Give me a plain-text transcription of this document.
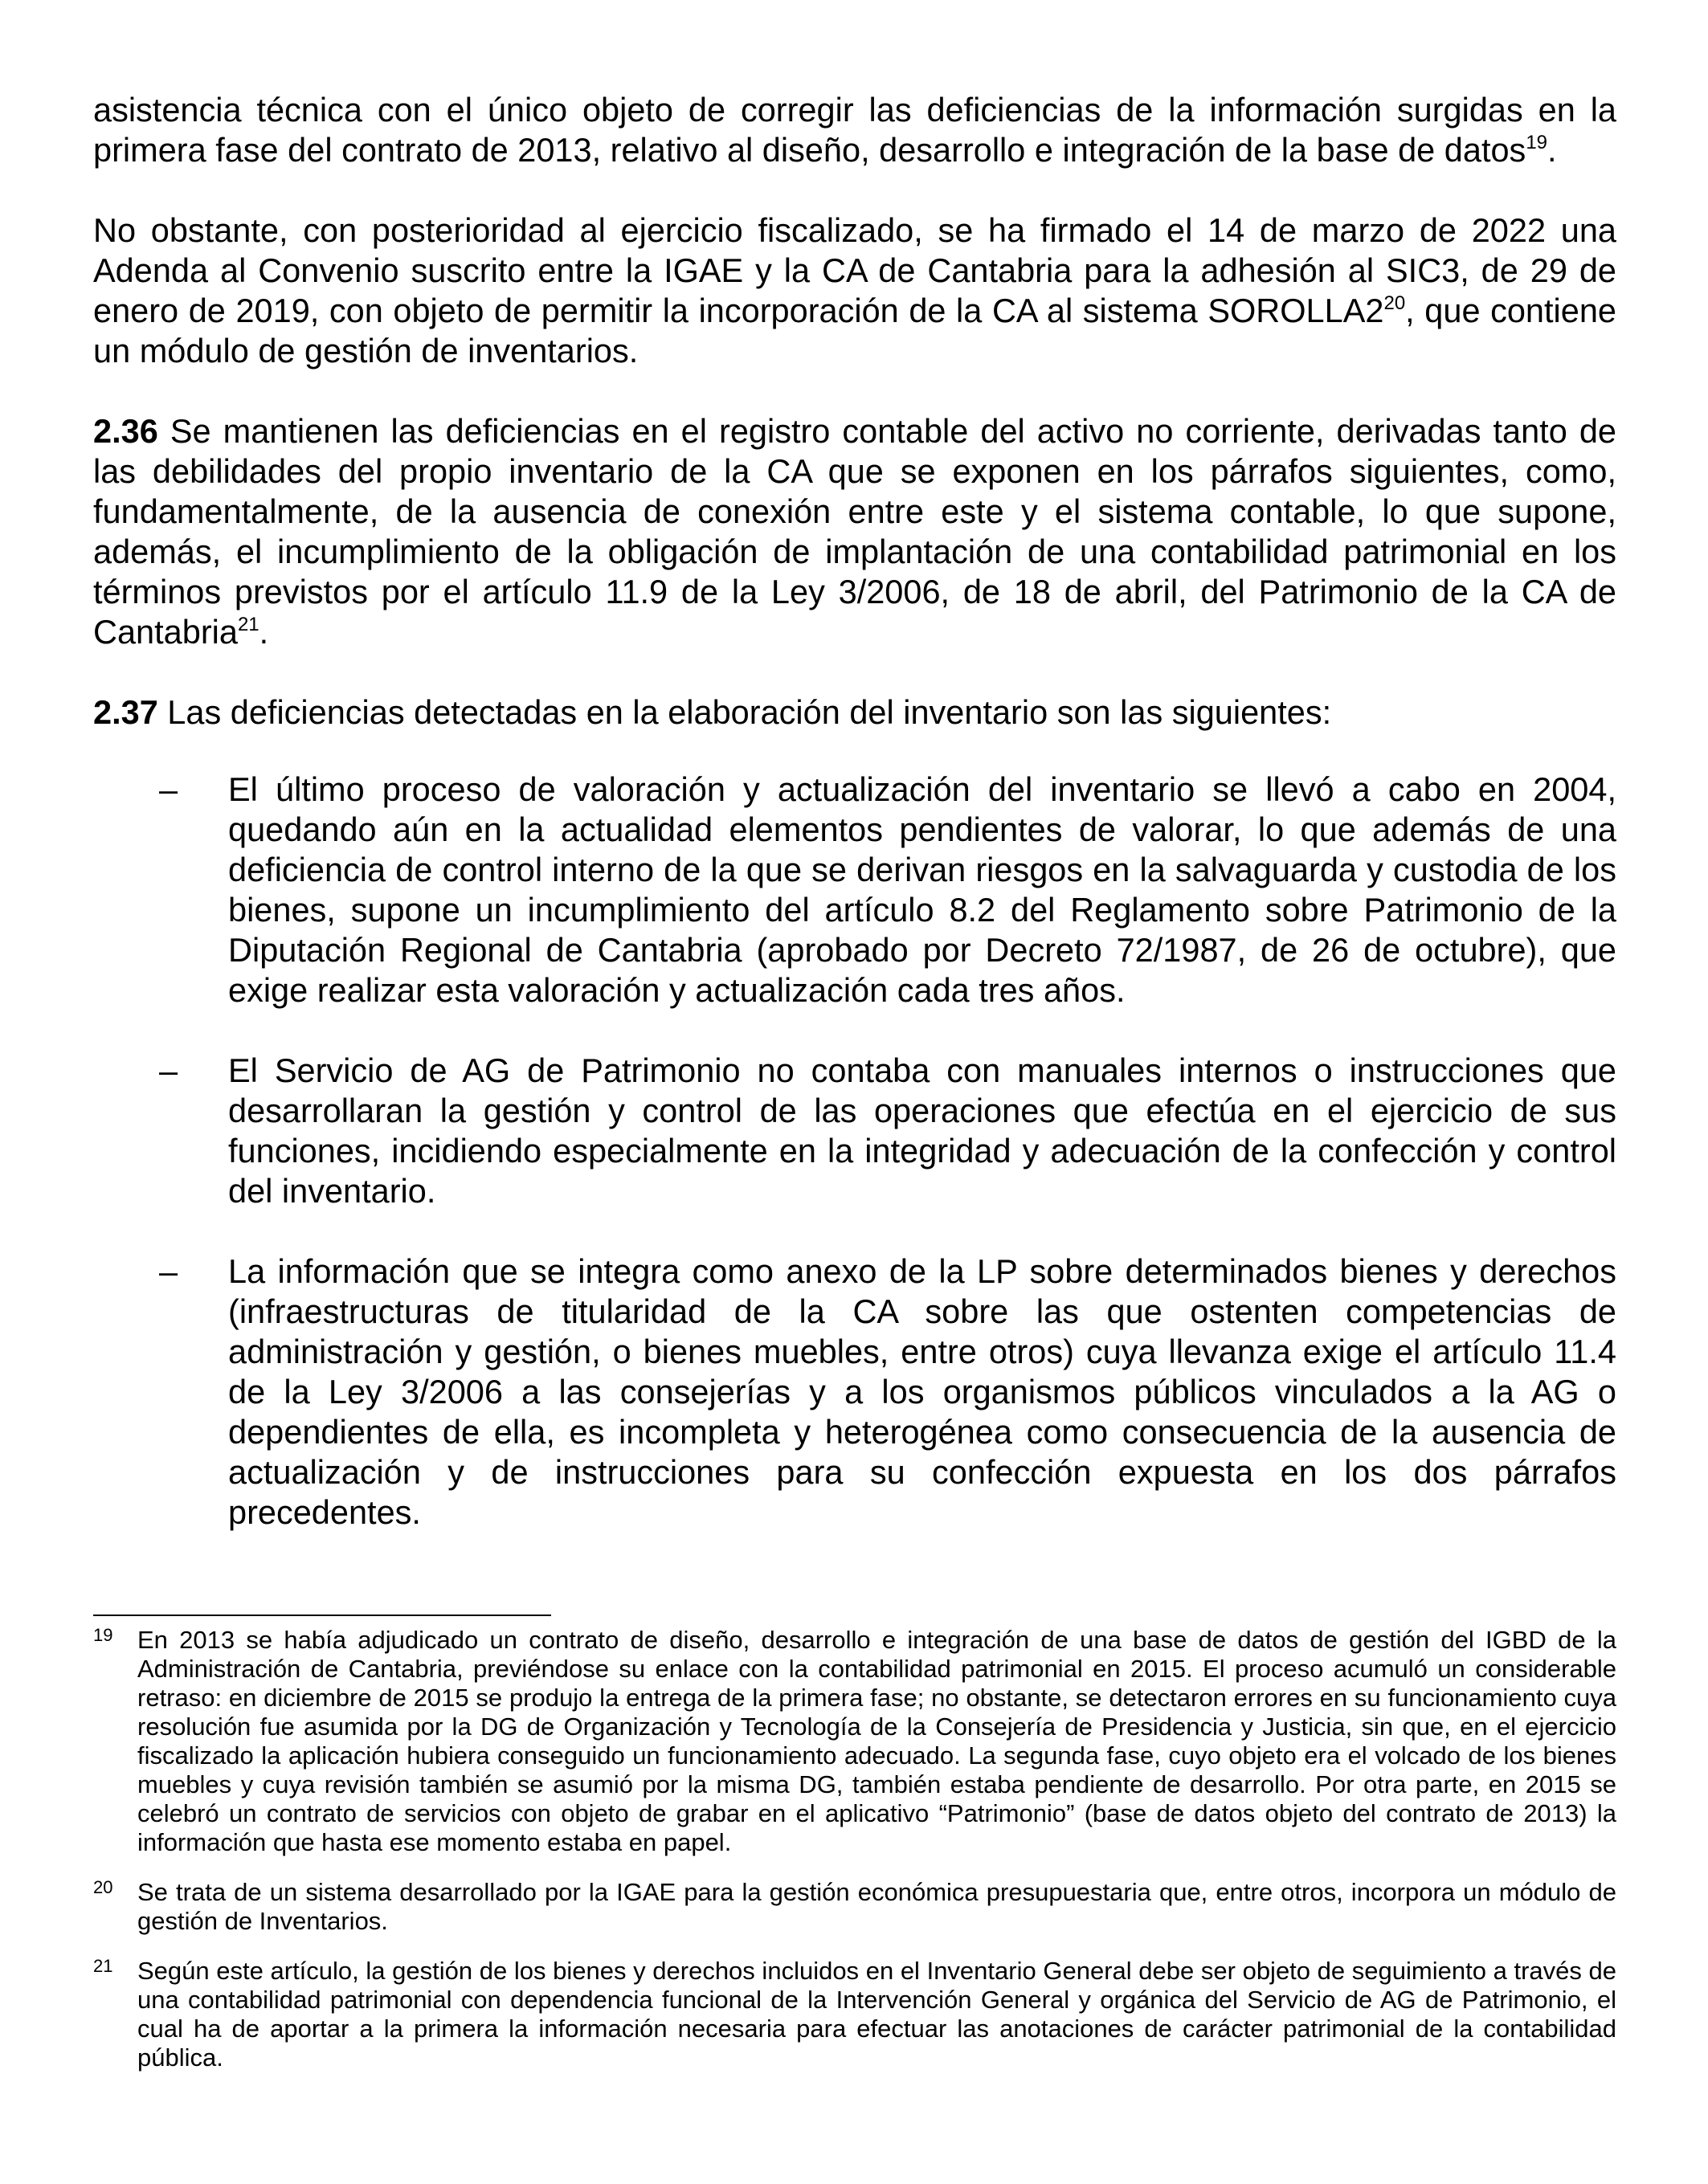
asistencia técnica con el único objeto de corregir las deficiencias de la información surgidas en la primera fase del contrato de 2013, relativo al diseño, desarrollo e integración de la base de datos$^{19}$.

No obstante, con posterioridad al ejercicio fiscalizado, se ha firmado el 14 de marzo de 2022 una Adenda al Convenio suscrito entre la IGAE y la CA de Cantabria para la adhesión al SIC3, de 29 de enero de 2019, con objeto de permitir la incorporación de la CA al sistema $SOROLLA2^{20}$, que contiene un módulo de gestión de inventarios.

2.36 Se mantienen las deficiencias en el registro contable del activo no corriente, derivadas tanto de las debilidades del propio inventario de la CA que se exponen en los párrafos siguientes, como, fundamentalmente, de la ausencia de conexión entre este y el sistema contable, lo que supone, además, el incumplimiento de la obligación de implantación de una contabilidad patrimonial en los términos previstos por el artículo 11.9 de la Ley 3/2006, de 18 de abril, del Patrimonio de la CA de Cantabria$^{21}$.

2.37 Las deficiencias detectadas en la elaboración del inventario son las siguientes:

– El último proceso de valoración y actualización del inventario se llevó a cabo en 2004, quedando aún en la actualidad elementos pendientes de valorar, lo que además de una deficiencia de control interno de la que se derivan riesgos en la salvaguarda y custodia de los bienes, supone un incumplimiento del artículo 8.2 del Reglamento sobre Patrimonio de la Diputación Regional de Cantabria (aprobado por Decreto 72/1987, de 26 de octubre), que exige realizar esta valoración y actualización cada tres años.
– El Servicio de AG de Patrimonio no contaba con manuales internos o instrucciones que desarrollaran la gestión y control de las operaciones que efectúa en el ejercicio de sus funciones, incidiendo especialmente en la integridad y adecuación de la confección y control del inventario.
– La información que se integra como anexo de la LP sobre determinados bienes y derechos (infraestructuras de titularidad de la CA sobre las que ostenten competencias de administración y gestión, o bienes muebles, entre otros) cuya llevanza exige el artículo 11.4 de la Ley 3/2006 a las consejerías y a los organismos públicos vinculados a la AG o dependientes de ella, es incompleta y heterogénea como consecuencia de la ausencia de actualización y de instrucciones para su confección expuesta en los dos párrafos precedentes.
19 En 2013 se había adjudicado un contrato de diseño, desarrollo e integración de una base de datos de gestión del IGBD de la Administración de Cantabria, previéndose su enlace con la contabilidad patrimonial en 2015. El proceso acumuló un considerable retraso: en diciembre de 2015 se produjo la entrega de la primera fase; no obstante, se detectaron errores en su funcionamiento cuya resolución fue asumida por la DG de Organización y Tecnología de la Consejería de Presidencia y Justicia, sin que, en el ejercicio fiscalizado la aplicación hubiera conseguido un funcionamiento adecuado. La segunda fase, cuyo objeto era el volcado de los bienes muebles y cuya revisión también se asumió por la misma DG, también estaba pendiente de desarrollo. Por otra parte, en 2015 se celebró un contrato de servicios con objeto de grabar en el aplicativo “Patrimonio” (base de datos objeto del contrato de 2013) la información que hasta ese momento estaba en papel.
20 Se trata de un sistema desarrollado por la IGAE para la gestión económica presupuestaria que, entre otros, incorpora un módulo de gestión de Inventarios.
21 Según este artículo, la gestión de los bienes y derechos incluidos en el Inventario General debe ser objeto de seguimiento a través de una contabilidad patrimonial con dependencia funcional de la Intervención General y orgánica del Servicio de AG de Patrimonio, el cual ha de aportar a la primera la información necesaria para efectuar las anotaciones de carácter patrimonial de la contabilidad pública.
